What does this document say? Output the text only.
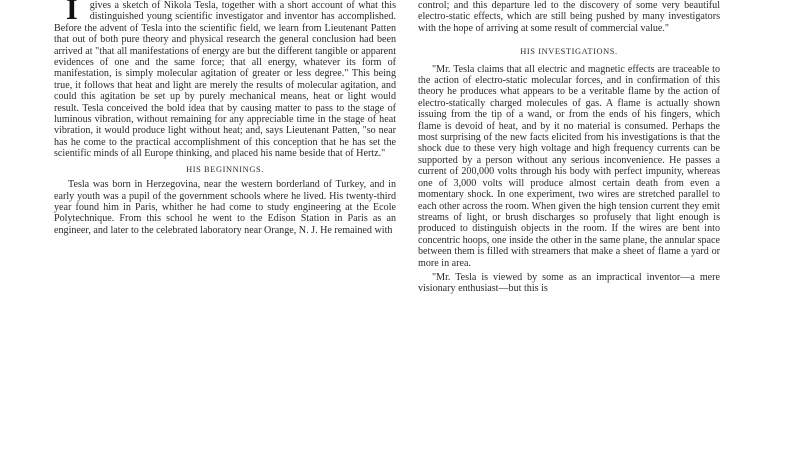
I gives a sketch of Nikola Tesla, together with a short account of what this distinguished young scientific investigator and inventor has accomplished. Before the advent of Tesla into the scientific field, we learn from Lieutenant Patten that out of both pure theory and physical research the general conclusion had been arrived at "that all manifestations of energy are but the different tangible or apparent evidences of one and the same force; that all energy, whatever its form of manifestation, is simply molecular agitation of greater or less degree." This being true, it follows that heat and light are merely the results of molecular agitation, and could this agitation be set up by purely mechanical means, heat or light would result. Tesla conceived the bold idea that by causing matter to pass to the stage of luminous vibration, without remaining for any appreciable time in the stage of heat vibration, it would produce light without heat; and, says Lieutenant Patten, "so near has he come to the practical accomplishment of this conception that he has set the scientific minds of all Europe thinking, and placed his name beside that of Hertz."

HIS BEGINNINGS.

Tesla was born in Herzegovina, near the western borderland of Turkey, and in early youth was a pupil of the government schools where he lived. His twenty-third year found him in Paris, whither he had come to study engineering at the Ecole Polytechnique. From this school he went to the Edison Station in Paris as an engineer, and later to the celebrated laboratory near Orange, N. J. He remained with

control; and this departure led to the discovery of some very beautiful electro-static effects, which are still being pushed by many investigators with the hope of arriving at some result of commercial value."

HIS INVESTIGATIONS.

"Mr. Tesla claims that all electric and magnetic effects are traceable to the action of electro-static molecular forces, and in confirmation of this theory he produces what appears to be a veritable flame by the action of electro-statically charged molecules of gas. A flame is actually shown issuing from the tip of a wand, or from the ends of his fingers, which flame is devoid of heat, and by it no material is consumed. Perhaps the most surprising of the new facts elicited from his investigations is that the shock due to these very high voltage and high frequency currents can be supported by a person without any serious inconvenience. He passes a current of 200,000 volts through his body with perfect impunity, whereas one of 3,000 volts will produce almost certain death from even a momentary shock. In one experiment, two wires are stretched parallel to each other across the room. When given the high tension current they emit streams of light, or brush discharges so profusely that light enough is produced to distinguish objects in the room. If the wires are bent into concentric hoops, one inside the other in the same plane, the annular space between them is filled with streamers that make a sheet of flame a yard or more in area.

"Mr. Tesla is viewed by some as an impractical inventor—a mere visionary enthusiast—but this is
